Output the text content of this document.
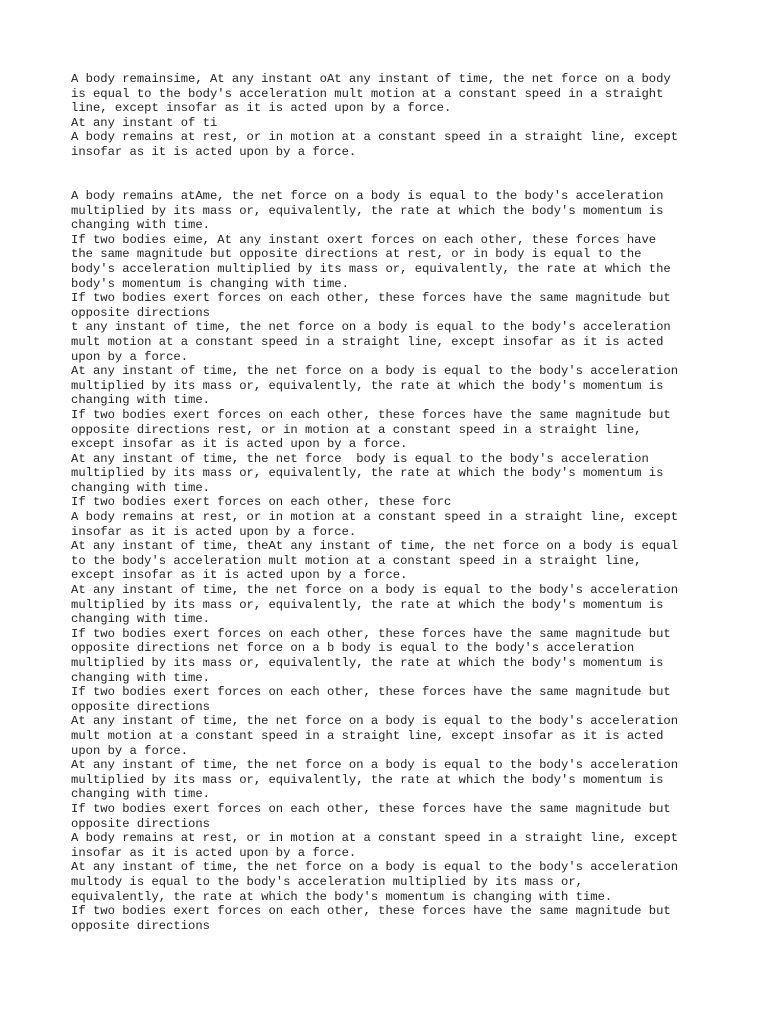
A body remainsime, At any instant oAt any instant of time, the net force on a body
is equal to the body's acceleration mult motion at a constant speed in a straight
line, except insofar as it is acted upon by a force.
At any instant of ti
A body remains at rest, or in motion at a constant speed in a straight line, except
insofar as it is acted upon by a force.
A body remains atAme, the net force on a body is equal to the body's acceleration
multiplied by its mass or, equivalently, the rate at which the body's momentum is
changing with time.
If two bodies eime, At any instant oxert forces on each other, these forces have
the same magnitude but opposite directions at rest, or in body is equal to the
body's acceleration multiplied by its mass or, equivalently, the rate at which the
body's momentum is changing with time.
If two bodies exert forces on each other, these forces have the same magnitude but
opposite directions
t any instant of time, the net force on a body is equal to the body's acceleration
mult motion at a constant speed in a straight line, except insofar as it is acted
upon by a force.
At any instant of time, the net force on a body is equal to the body's acceleration
multiplied by its mass or, equivalently, the rate at which the body's momentum is
changing with time.
If two bodies exert forces on each other, these forces have the same magnitude but
opposite directions rest, or in motion at a constant speed in a straight line,
except insofar as it is acted upon by a force.
At any instant of time, the net force  body is equal to the body's acceleration
multiplied by its mass or, equivalently, the rate at which the body's momentum is
changing with time.
If two bodies exert forces on each other, these forc
A body remains at rest, or in motion at a constant speed in a straight line, except
insofar as it is acted upon by a force.
At any instant of time, theAt any instant of time, the net force on a body is equal
to the body's acceleration mult motion at a constant speed in a straight line,
except insofar as it is acted upon by a force.
At any instant of time, the net force on a body is equal to the body's acceleration
multiplied by its mass or, equivalently, the rate at which the body's momentum is
changing with time.
If two bodies exert forces on each other, these forces have the same magnitude but
opposite directions net force on a b body is equal to the body's acceleration
multiplied by its mass or, equivalently, the rate at which the body's momentum is
changing with time.
If two bodies exert forces on each other, these forces have the same magnitude but
opposite directions
At any instant of time, the net force on a body is equal to the body's acceleration
mult motion at a constant speed in a straight line, except insofar as it is acted
upon by a force.
At any instant of time, the net force on a body is equal to the body's acceleration
multiplied by its mass or, equivalently, the rate at which the body's momentum is
changing with time.
If two bodies exert forces on each other, these forces have the same magnitude but
opposite directions
A body remains at rest, or in motion at a constant speed in a straight line, except
insofar as it is acted upon by a force.
At any instant of time, the net force on a body is equal to the body's acceleration
multody is equal to the body's acceleration multiplied by its mass or,
equivalently, the rate at which the body's momentum is changing with time.
If two bodies exert forces on each other, these forces have the same magnitude but
opposite directions
